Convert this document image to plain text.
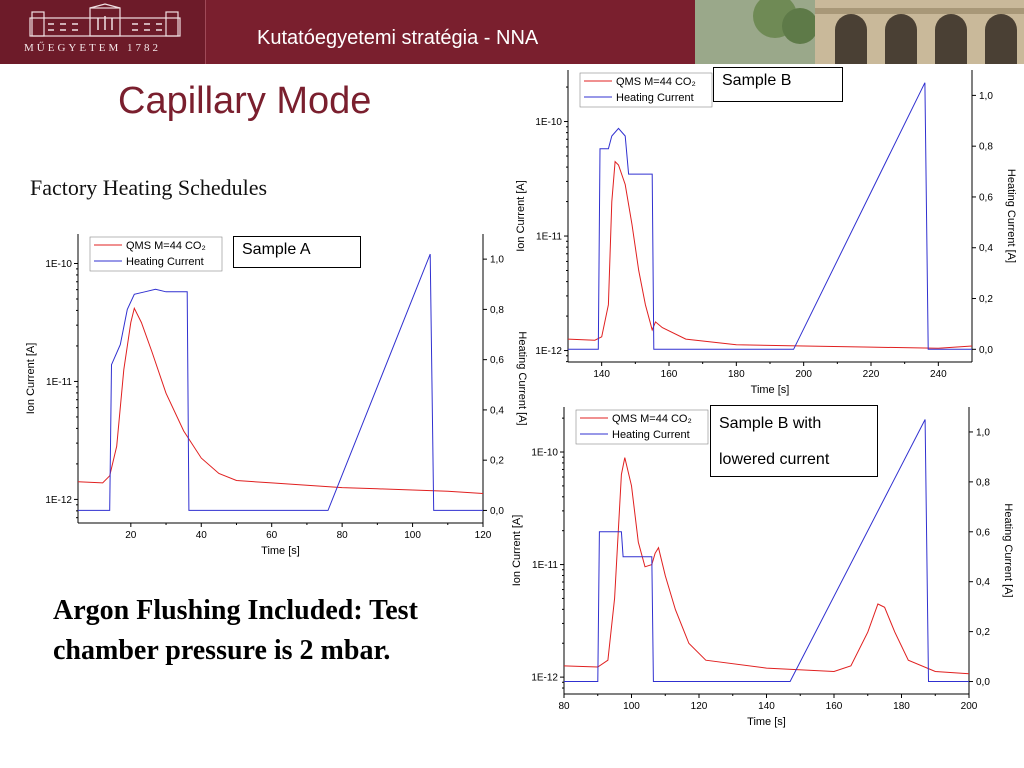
MŰEGYETEM 1782	Kutatóegyetemi stratégia - NNA
Capillary Mode
Factory Heating Schedules
Argon Flushing Included: Test chamber pressure is 2 mbar.
20	40	60	80	100	120
1E-10
1E-11
1E-12
0,0
0,2
0,4
0,6
0,8
1,0
Time [s]
Ion Current [A]	Heating Current [A]
QMS M=44 CO₂
Heating Current
140	160	180	200	220	240
1E-10
1E-11
1E-12	0,0
0,2
0,4
0,6
0,8
1,0
Time [s]
Ion Current [A]	Heating Current [A]
QMS M=44 CO₂
Heating Current
80	100	120	140	160	180	200
1E-10
1E-11
1E-12	0,0
0,2
0,4
0,6
0,8
1,0
Time [s]
Ion Current [A]	Heating Current [A]
QMS M=44 CO₂
Heating Current
Sample A
Sample B
Sample B with lowered current
